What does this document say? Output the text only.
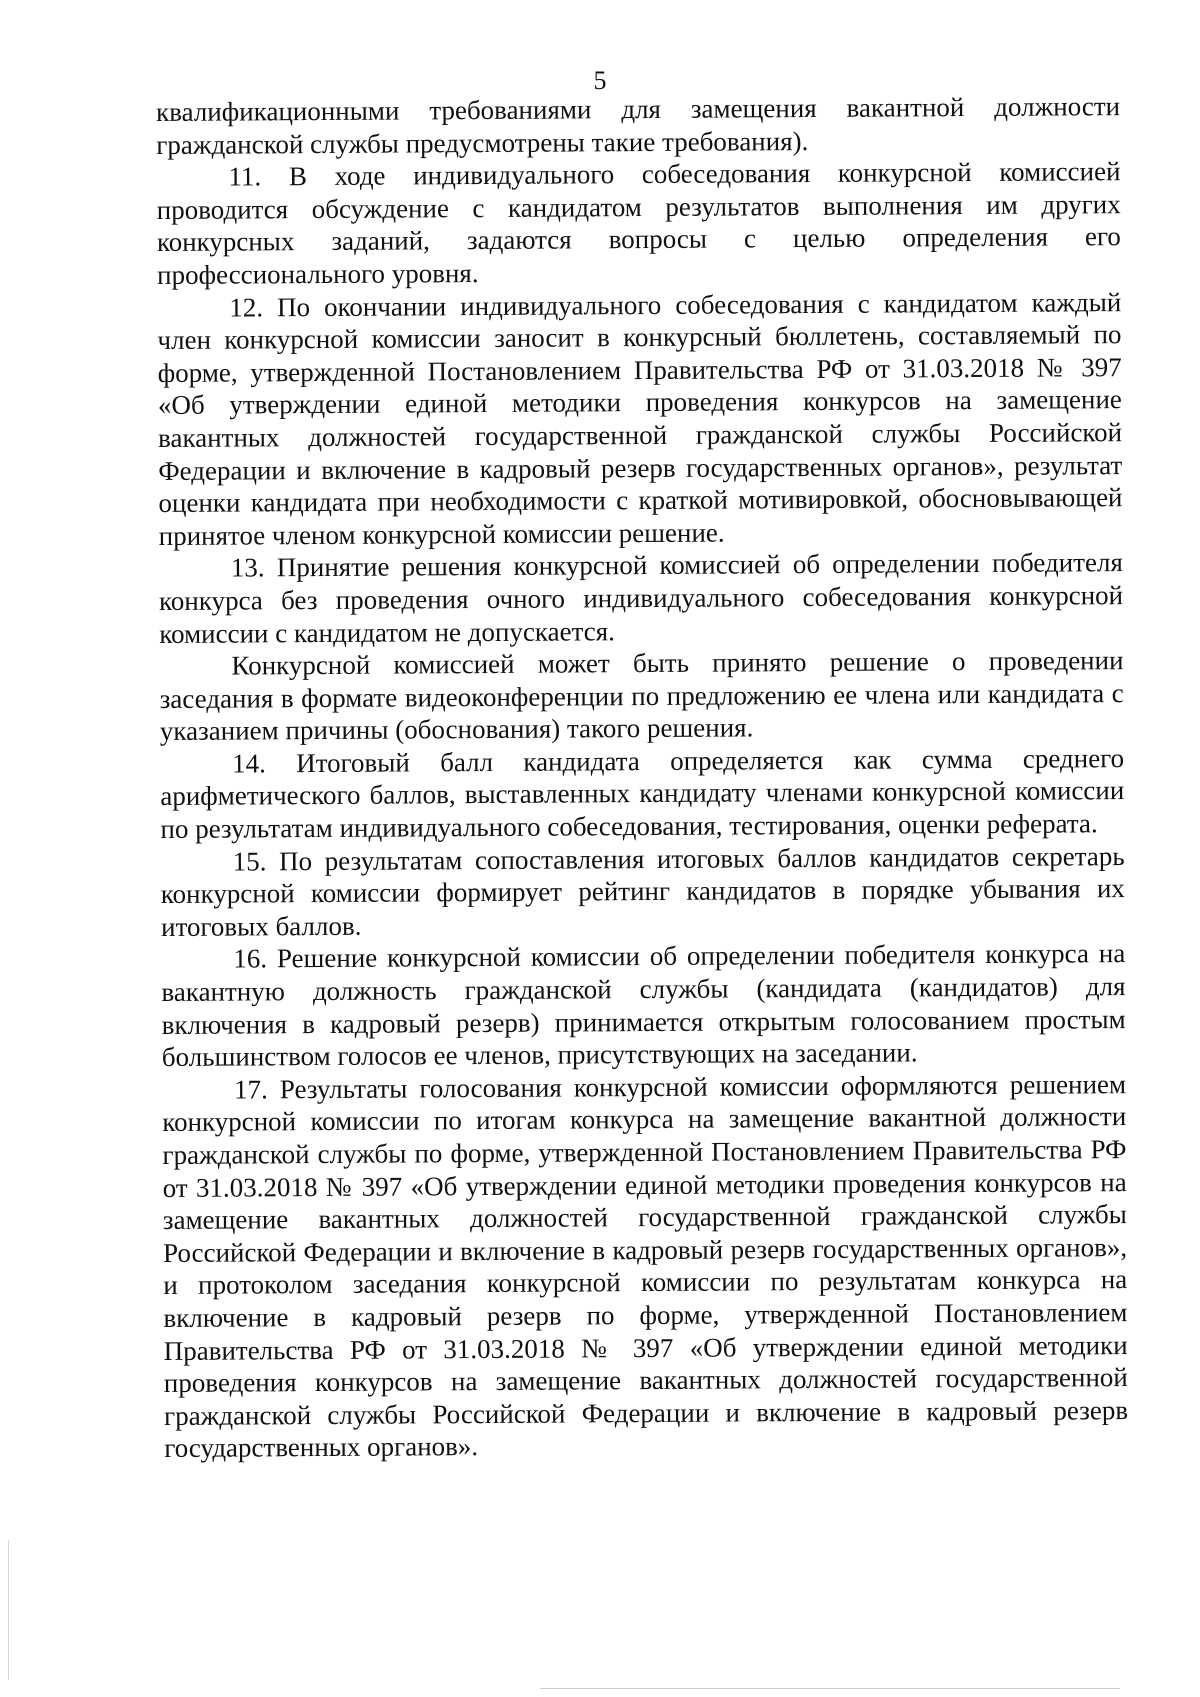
5

квалификационными требованиями для замещения вакантной должности гражданской службы предусмотрены такие требования).

11. В ходе индивидуального собеседования конкурсной комиссией проводится обсуждение с кандидатом результатов выполнения им других конкурсных заданий, задаются вопросы с целью определения его профессионального уровня.

12. По окончании индивидуального собеседования с кандидатом каждый член конкурсной комиссии заносит в конкурсный бюллетень, составляемый по форме, утвержденной Постановлением Правительства РФ от 31.03.2018 № 397 «Об утверждении единой методики проведения конкурсов на замещение вакантных должностей государственной гражданской службы Российской Федерации и включение в кадровый резерв государственных органов», результат оценки кандидата при необходимости с краткой мотивировкой, обосновывающей принятое членом конкурсной комиссии решение.

13. Принятие решения конкурсной комиссией об определении победителя конкурса без проведения очного индивидуального собеседования конкурсной комиссии с кандидатом не допускается.

Конкурсной комиссией может быть принято решение о проведении заседания в формате видеоконференции по предложению ее члена или кандидата с указанием причины (обоснования) такого решения.

14. Итоговый балл кандидата определяется как сумма среднего арифметического баллов, выставленных кандидату членами конкурсной комиссии по результатам индивидуального собеседования, тестирования, оценки реферата.

15. По результатам сопоставления итоговых баллов кандидатов секретарь конкурсной комиссии формирует рейтинг кандидатов в порядке убывания их итоговых баллов.

16. Решение конкурсной комиссии об определении победителя конкурса на вакантную должность гражданской службы (кандидата (кандидатов) для включения в кадровый резерв) принимается открытым голосованием простым большинством голосов ее членов, присутствующих на заседании.

17. Результаты голосования конкурсной комиссии оформляются решением конкурсной комиссии по итогам конкурса на замещение вакантной должности гражданской службы по форме, утвержденной Постановлением Правительства РФ от 31.03.2018 № 397 «Об утверждении единой методики проведения конкурсов на замещение вакантных должностей государственной гражданской службы Российской Федерации и включение в кадровый резерв государственных органов», и протоколом заседания конкурсной комиссии по результатам конкурса на включение в кадровый резерв по форме, утвержденной Постановлением Правительства РФ от 31.03.2018 № 397 «Об утверждении единой методики проведения конкурсов на замещение вакантных должностей государственной гражданской службы Российской Федерации и включение в кадровый резерв государственных органов».
